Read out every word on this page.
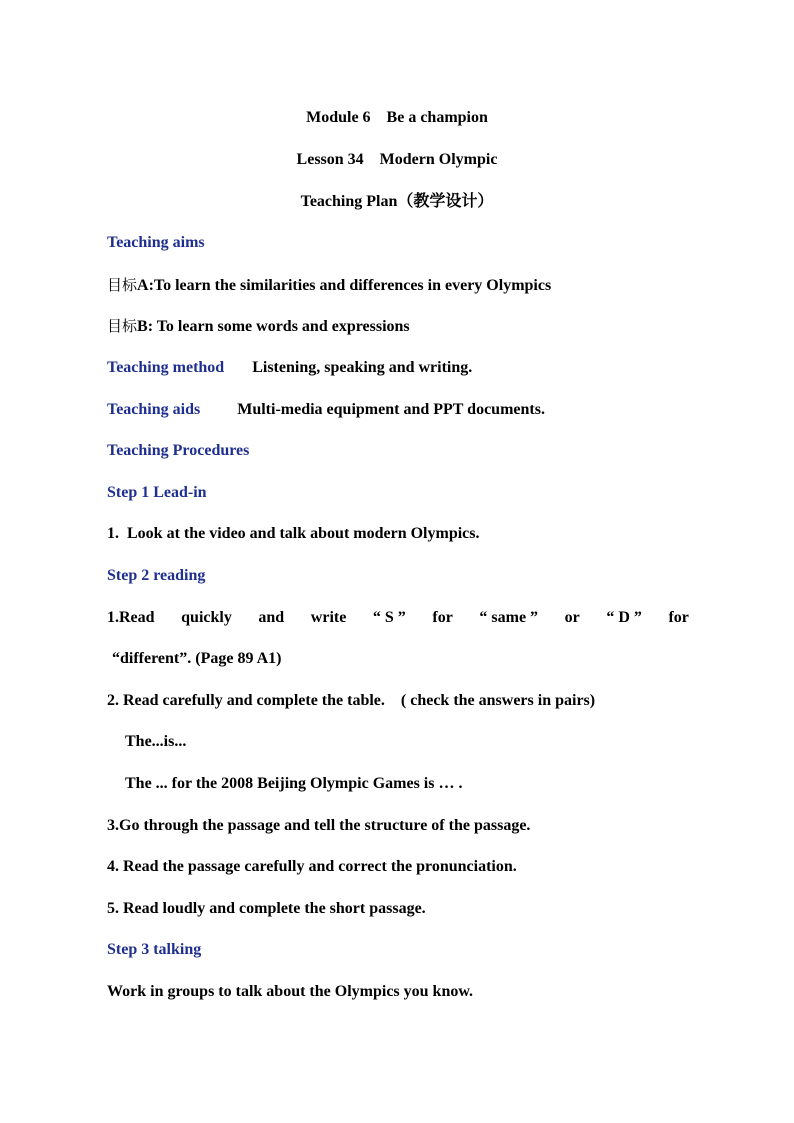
Module 6    Be a champion
Lesson 34    Modern Olympic
Teaching Plan（教学设计）
Teaching aims
目标A:To learn the similarities and differences in every Olympics
目标B: To learn some words and expressions
Teaching method Listening, speaking and writing.
Teaching aids Multi-media equipment and PPT documents.
Teaching Procedures
Step 1 Lead-in
1.  Look at the video and talk about modern Olympics.
Step 2 reading
1.Read quickly and write “ S ” for “ same ” or “ D ” for
“different”. (Page 89 A1)
2. Read carefully and complete the table.    ( check the answers in pairs)
The...is...
The ... for the 2008 Beijing Olympic Games is … .
3.Go through the passage and tell the structure of the passage.
4. Read the passage carefully and correct the pronunciation.
5. Read loudly and complete the short passage.
Step 3 talking
Work in groups to talk about the Olympics you know.
